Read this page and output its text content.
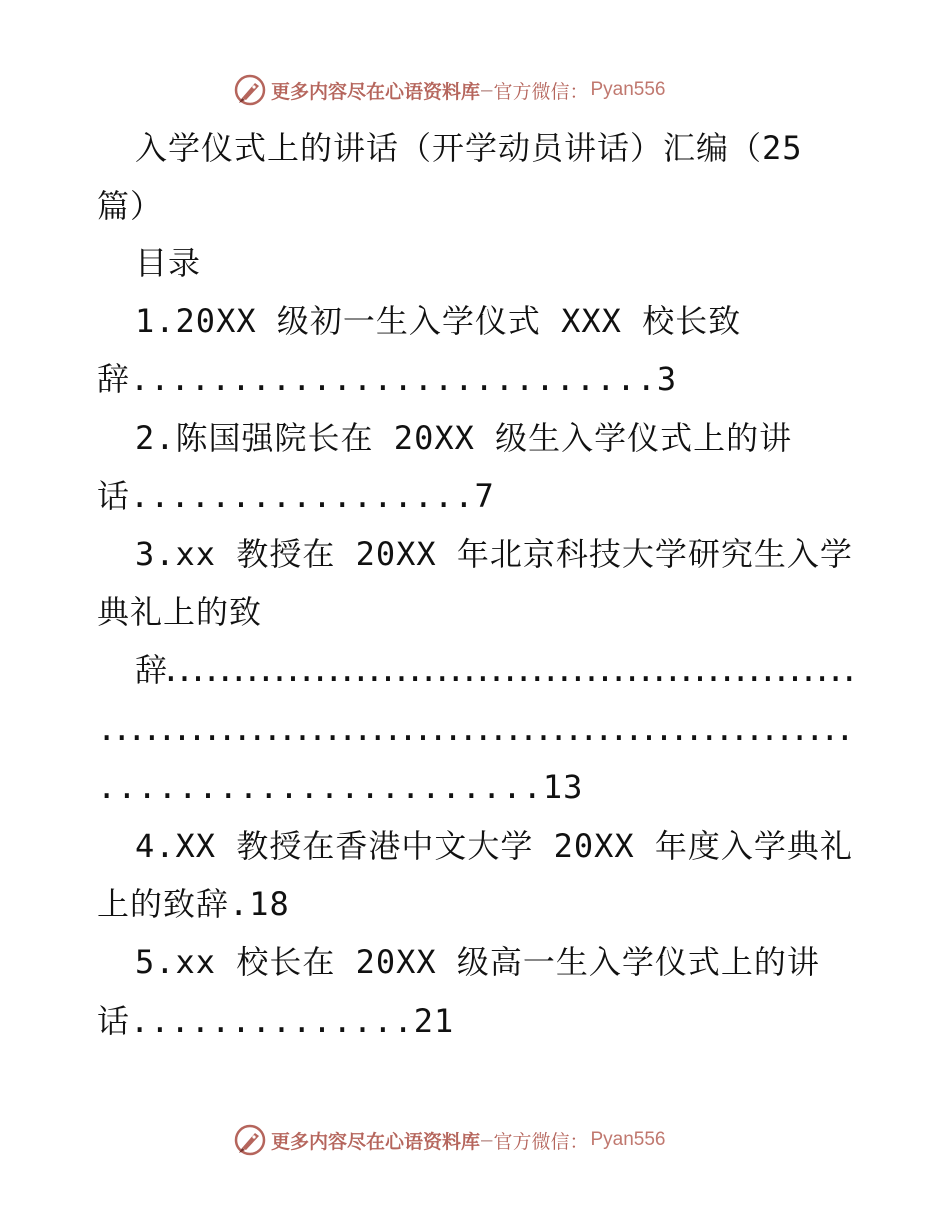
更多内容尽在心语资料库 — 官方微信： Pyan556
入学仪式上的讲话（开学动员讲话）汇编（25
篇）
目录
1.20XX 级初一生入学仪式 XXX 校长致
辞..........................3
2.陈国强院长在 20XX 级生入学仪式上的讲
话.................7
3.xx 教授在 20XX 年北京科技大学研究生入学
典礼上的致
辞...................................................
..................................................
......................13
4.XX 教授在香港中文大学 20XX 年度入学典礼
上的致辞.18
5.xx 校长在 20XX 级高一生入学仪式上的讲
话..............21
更多内容尽在心语资料库 — 官方微信： Pyan556
